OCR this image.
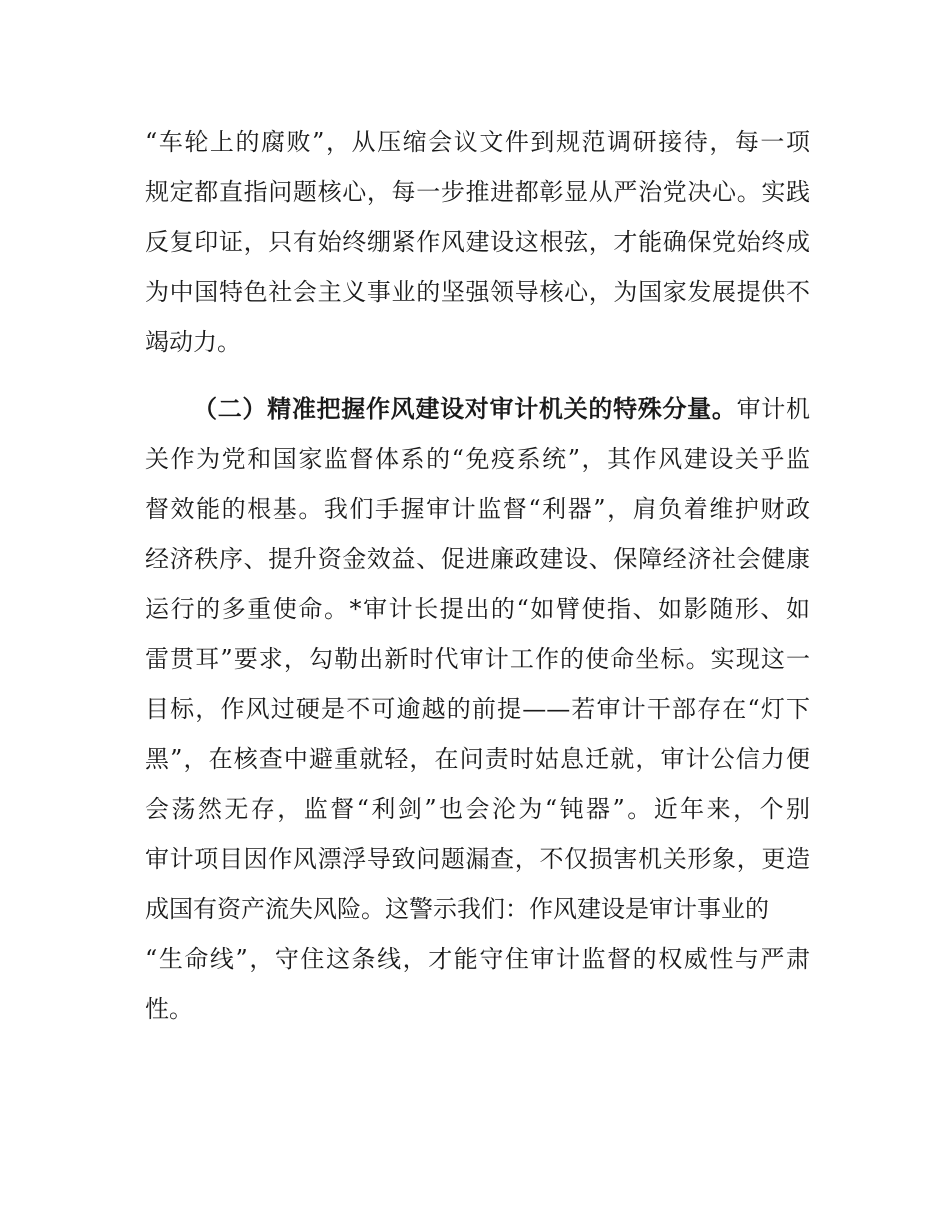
“车轮上的腐败”，从压缩会议文件到规范调研接待，每一项
规定都直指问题核心，每一步推进都彰显从严治党决心。实践
反复印证，只有始终绷紧作风建设这根弦，才能确保党始终成
为中国特色社会主义事业的坚强领导核心，为国家发展提供不
竭动力。
（二）精准把握作风建设对审计机关的特殊分量。审计机
关作为党和国家监督体系的“免疫系统”，其作风建设关乎监
督效能的根基。我们手握审计监督“利器”，肩负着维护财政
经济秩序、提升资金效益、促进廉政建设、保障经济社会健康
运行的多重使命。*审计长提出的“如臂使指、如影随形、如
雷贯耳”要求，勾勒出新时代审计工作的使命坐标。实现这一
目标，作风过硬是不可逾越的前提——若审计干部存在“灯下
黑”，在核查中避重就轻，在问责时姑息迁就，审计公信力便
会荡然无存，监督“利剑”也会沦为“钝器”。近年来，个别
审计项目因作风漂浮导致问题漏查，不仅损害机关形象，更造
成国有资产流失风险。这警示我们：作风建设是审计事业的
“生命线”，守住这条线，才能守住审计监督的权威性与严肃
性。
